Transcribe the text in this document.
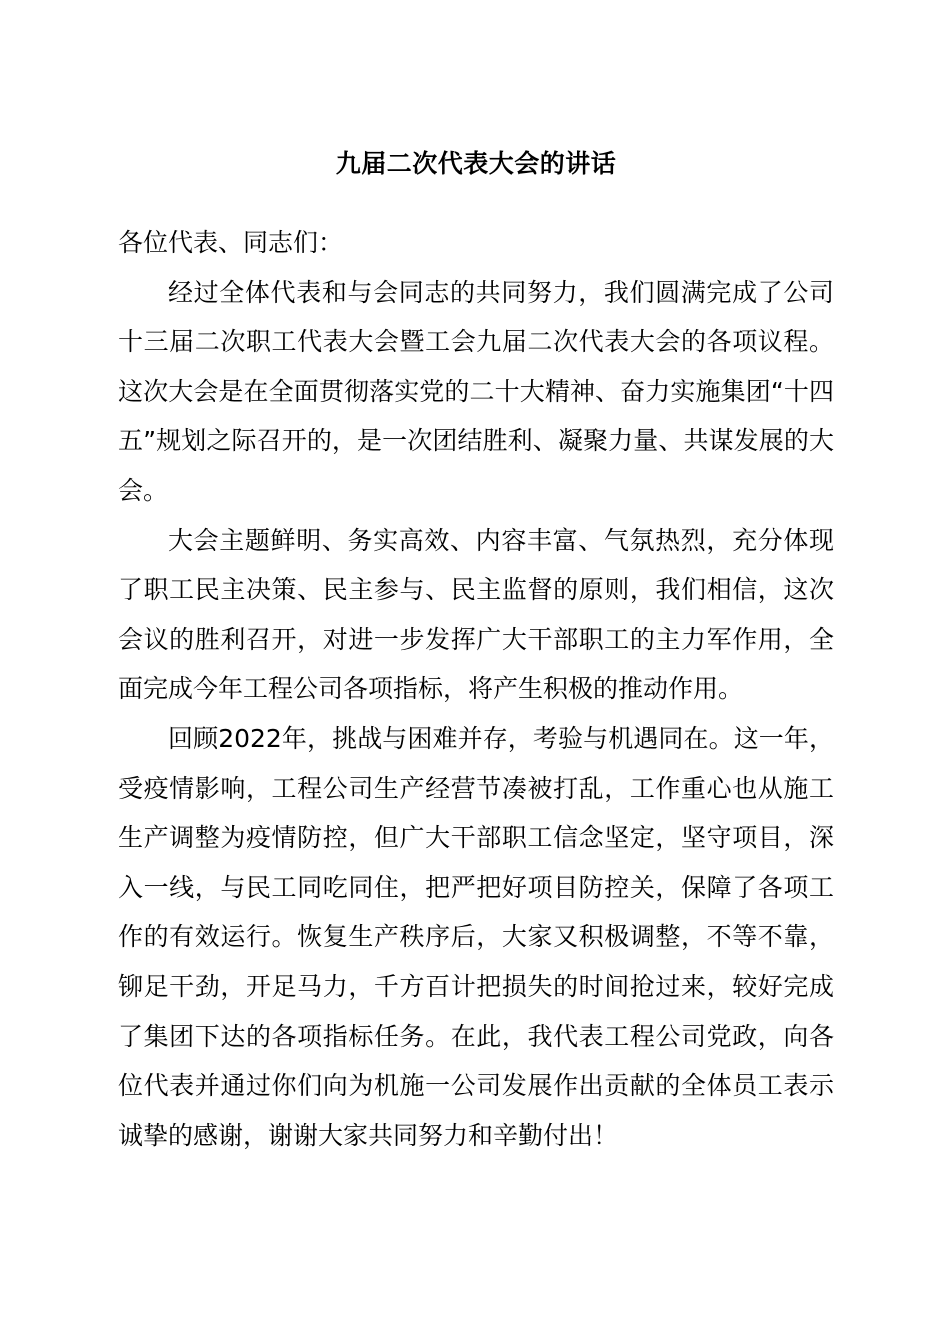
九届二次代表大会的讲话

各位代表、同志们：

经过全体代表和与会同志的共同努力，我们圆满完成了公司十三届二次职工代表大会暨工会九届二次代表大会的各项议程。这次大会是在全面贯彻落实党的二十大精神、奋力实施集团“十四五”规划之际召开的，是一次团结胜利、凝聚力量、共谋发展的大会。

大会主题鲜明、务实高效、内容丰富、气氛热烈，充分体现了职工民主决策、民主参与、民主监督的原则，我们相信，这次会议的胜利召开，对进一步发挥广大干部职工的主力军作用，全面完成今年工程公司各项指标，将产生积极的推动作用。

回顾2022年，挑战与困难并存，考验与机遇同在。这一年，受疫情影响，工程公司生产经营节凑被打乱，工作重心也从施工生产调整为疫情防控，但广大干部职工信念坚定，坚守项目，深入一线，与民工同吃同住，把严把好项目防控关，保障了各项工作的有效运行。恢复生产秩序后，大家又积极调整，不等不靠，铆足干劲，开足马力，千方百计把损失的时间抢过来，较好完成了集团下达的各项指标任务。在此，我代表工程公司党政，向各位代表并通过你们向为机施一公司发展作出贡献的全体员工表示诚挚的感谢，谢谢大家共同努力和辛勤付出！
